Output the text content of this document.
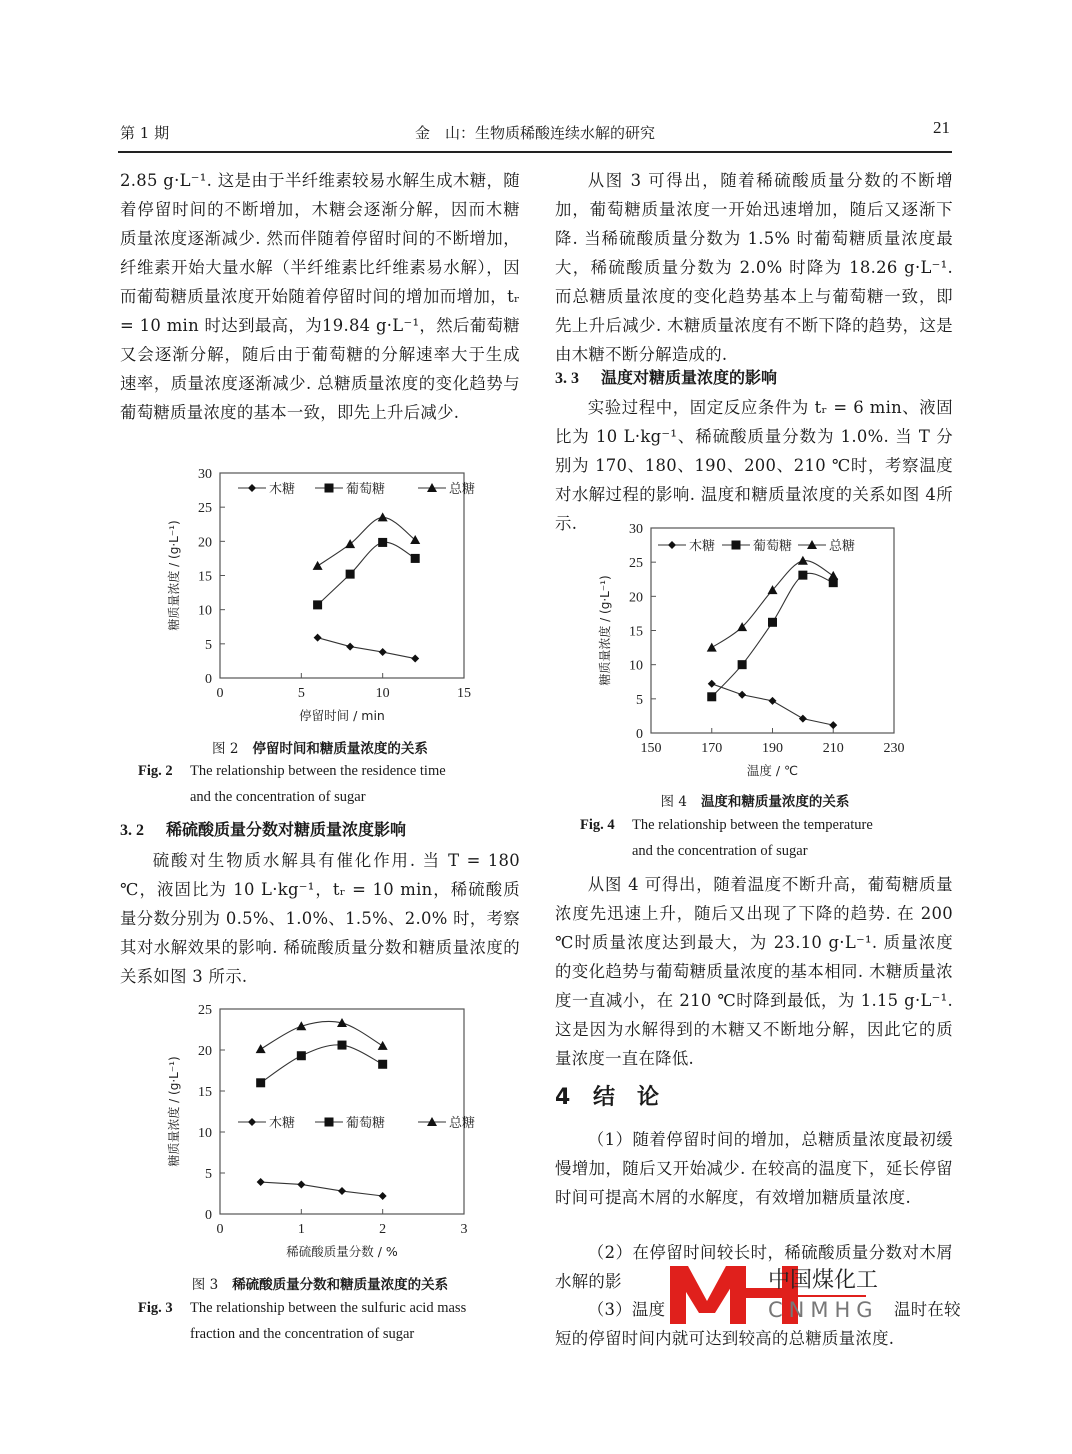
第 1 期	金　山：生物质稀酸连续水解的研究	21

2.85 g·L⁻¹. 这是由于半纤维素较易水解生成木糖，随着停留时间的不断增加，木糖会逐渐分解，因而木糖质量浓度逐渐减少. 然而伴随着停留时间的不断增加，纤维素开始大量水解（半纤维素比纤维素易水解），因而葡萄糖质量浓度开始随着停留时间的增加而增加，tᵣ = 10 min 时达到最高，为19.84 g·L⁻¹，然后葡萄糖又会逐渐分解，随后由于葡萄糖的分解速率大于生成速率，质量浓度逐渐减少. 总糖质量浓度的变化趋势与葡萄糖质量浓度的基本一致，即先上升后减少.

0
5
10
15
20
25
30
0	5	10	15
停留时间 / min
糖质量浓度 / (g·L⁻¹)
木糖	葡萄糖	总糖
图 2 停留时间和糖质量浓度的关系
Fig. 2 The relationship between the residence time
and the concentration of sugar
3. 2 稀硫酸质量分数对糖质量浓度影响

硫酸对生物质水解具有催化作用. 当 T = 180 ℃，液固比为 10 L·kg⁻¹，tᵣ = 10 min，稀硫酸质量分数分别为 0.5%、1.0%、1.5%、2.0% 时，考察其对水解效果的影响. 稀硫酸质量分数和糖质量浓度的关系如图 3 所示.

0
5
10
15
20
25
0	1	2	3
稀硫酸质量分数 / %
糖质量浓度 / (g·L⁻¹)	木糖	葡萄糖	总糖
图 3 稀硫酸质量分数和糖质量浓度的关系
Fig. 3 The relationship between the sulfuric acid mass
fraction and the concentration of sugar

从图 3 可得出，随着稀硫酸质量分数的不断增加，葡萄糖质量浓度一开始迅速增加，随后又逐渐下降. 当稀硫酸质量分数为 1.5% 时葡萄糖质量浓度最大，稀硫酸质量分数为 2.0% 时降为 18.26 g·L⁻¹. 而总糖质量浓度的变化趋势基本上与葡萄糖一致，即先上升后减少. 木糖质量浓度有不断下降的趋势，这是由木糖不断分解造成的.

3. 3 温度对糖质量浓度的影响

实验过程中，固定反应条件为 tᵣ = 6 min、液固比为 10 L·kg⁻¹、稀硫酸质量分数为 1.0%. 当 T 分别为 170、180、190、200、210 ℃时，考察温度对水解过程的影响. 温度和糖质量浓度的关系如图 4所示.

0
5
10
15
20
25
30
150	170	190	210	230
温度 / ℃
糖质量浓度 / (g·L⁻¹)
木糖	葡萄糖	总糖
图 4 温度和糖质量浓度的关系
Fig. 4 The relationship between the temperature
and the concentration of sugar

从图 4 可得出，随着温度不断升高，葡萄糖质量浓度先迅速上升，随后又出现了下降的趋势. 在 200 ℃时质量浓度达到最大，为 23.10 g·L⁻¹. 质量浓度的变化趋势与葡萄糖质量浓度的基本相同. 木糖质量浓度一直减小，在 210 ℃时降到最低，为 1.15 g·L⁻¹. 这是因为水解得到的木糖又不断地分解，因此它的质量浓度一直在降低.

4 结　论

（1）随着停留时间的增加，总糖质量浓度最初缓慢增加，随后又开始减少. 在较高的温度下，延长停留时间可提高木屑的水解度，有效增加糖质量浓度.

（2）在停留时间较长时，稀硫酸质量分数对木屑水解的影

（3）温度	温时在较

短的停留时间内就可达到较高的总糖质量浓度.

中国煤化工
CNMHG
